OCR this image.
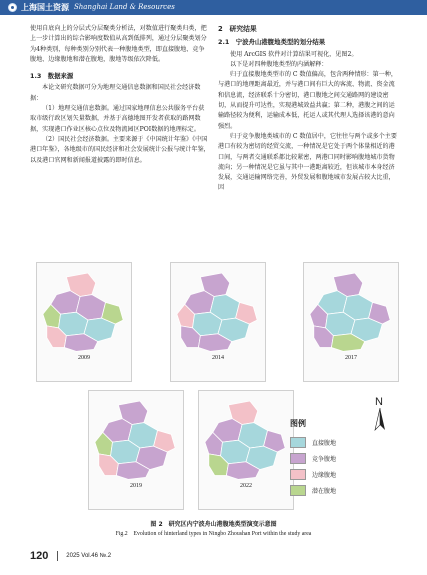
上海国土资源 Shanghai Land & Resources

使用自底向上的分层式分层聚类分析法，对数值进行聚类归类，把上一步计算出的综合影响度数值从高到低排列，通过分层聚类划分为4种类别，每种类别分别代表一种腹地类型，即直接腹地、竞争腹地、边缘腹地和潜在腹地，腹地等级依次降低。

1.3　数据来源

本论文研究数据可分为地理交通信息数据和国民社会经济数据：

（1）地理交通信息数据。通过国家地理信息公共服务平台获取市级行政区划矢量数据，并基于高德地图开发者获取的路网数据，实现港口作业区核心点位及物流园区POI数据的地理标定。

（2）国民社会经济数据。主要来源于《中国统计年鉴》《中国港口年鉴》，各地级市的国民经济和社会发展统计公报与统计年鉴，以及港口官网和新闻报道披露的即时信息。

2　研究结果

2.1　宁波舟山港腹地类型的划分结果

使用 ArcGIS 软件对计算结果可视化，见图2。

以下是对四种腹地类型的内涵解释：

归于直接腹地类型市的 C 数值偏高，包含两种情形：第一种，与港口的地理距离最近，并与港口间有巨大的客流、物流、资金流和信息流，经济联系十分密切，港口腹地之间交通路网的建设密切，从而提升可达性，实现港城效益共赢；第二种，港腹之间的运输路径较为便利，运输成本低，托运人或其代理人选择该港的意向强烈。

归于竞争腹地类城市的 C 数值居中，它往往与两个或多个主要港口有较为密切的经贸交流，一种情况是它处于两个体量相近的港口间，与两者交通联系都比较紧密，两港口同时影响腹地城市货物流向；另一种情况是它虽与其中一港距离较近，但该城市本身经济发展，交通运输网络完善，外贸发展和腹地城市发展占较大比重，因

2009	2014	2017
2019	2022
N
图例
直接腹地
竞争腹地
边缘腹地
潜在腹地
图 2　研究区内宁波舟山港腹地类型演变示意图
Fig.2　Evolution of hinterland types in Ningbo Zhoushan Port within the study area
120	2025 Vol.46 №.2
